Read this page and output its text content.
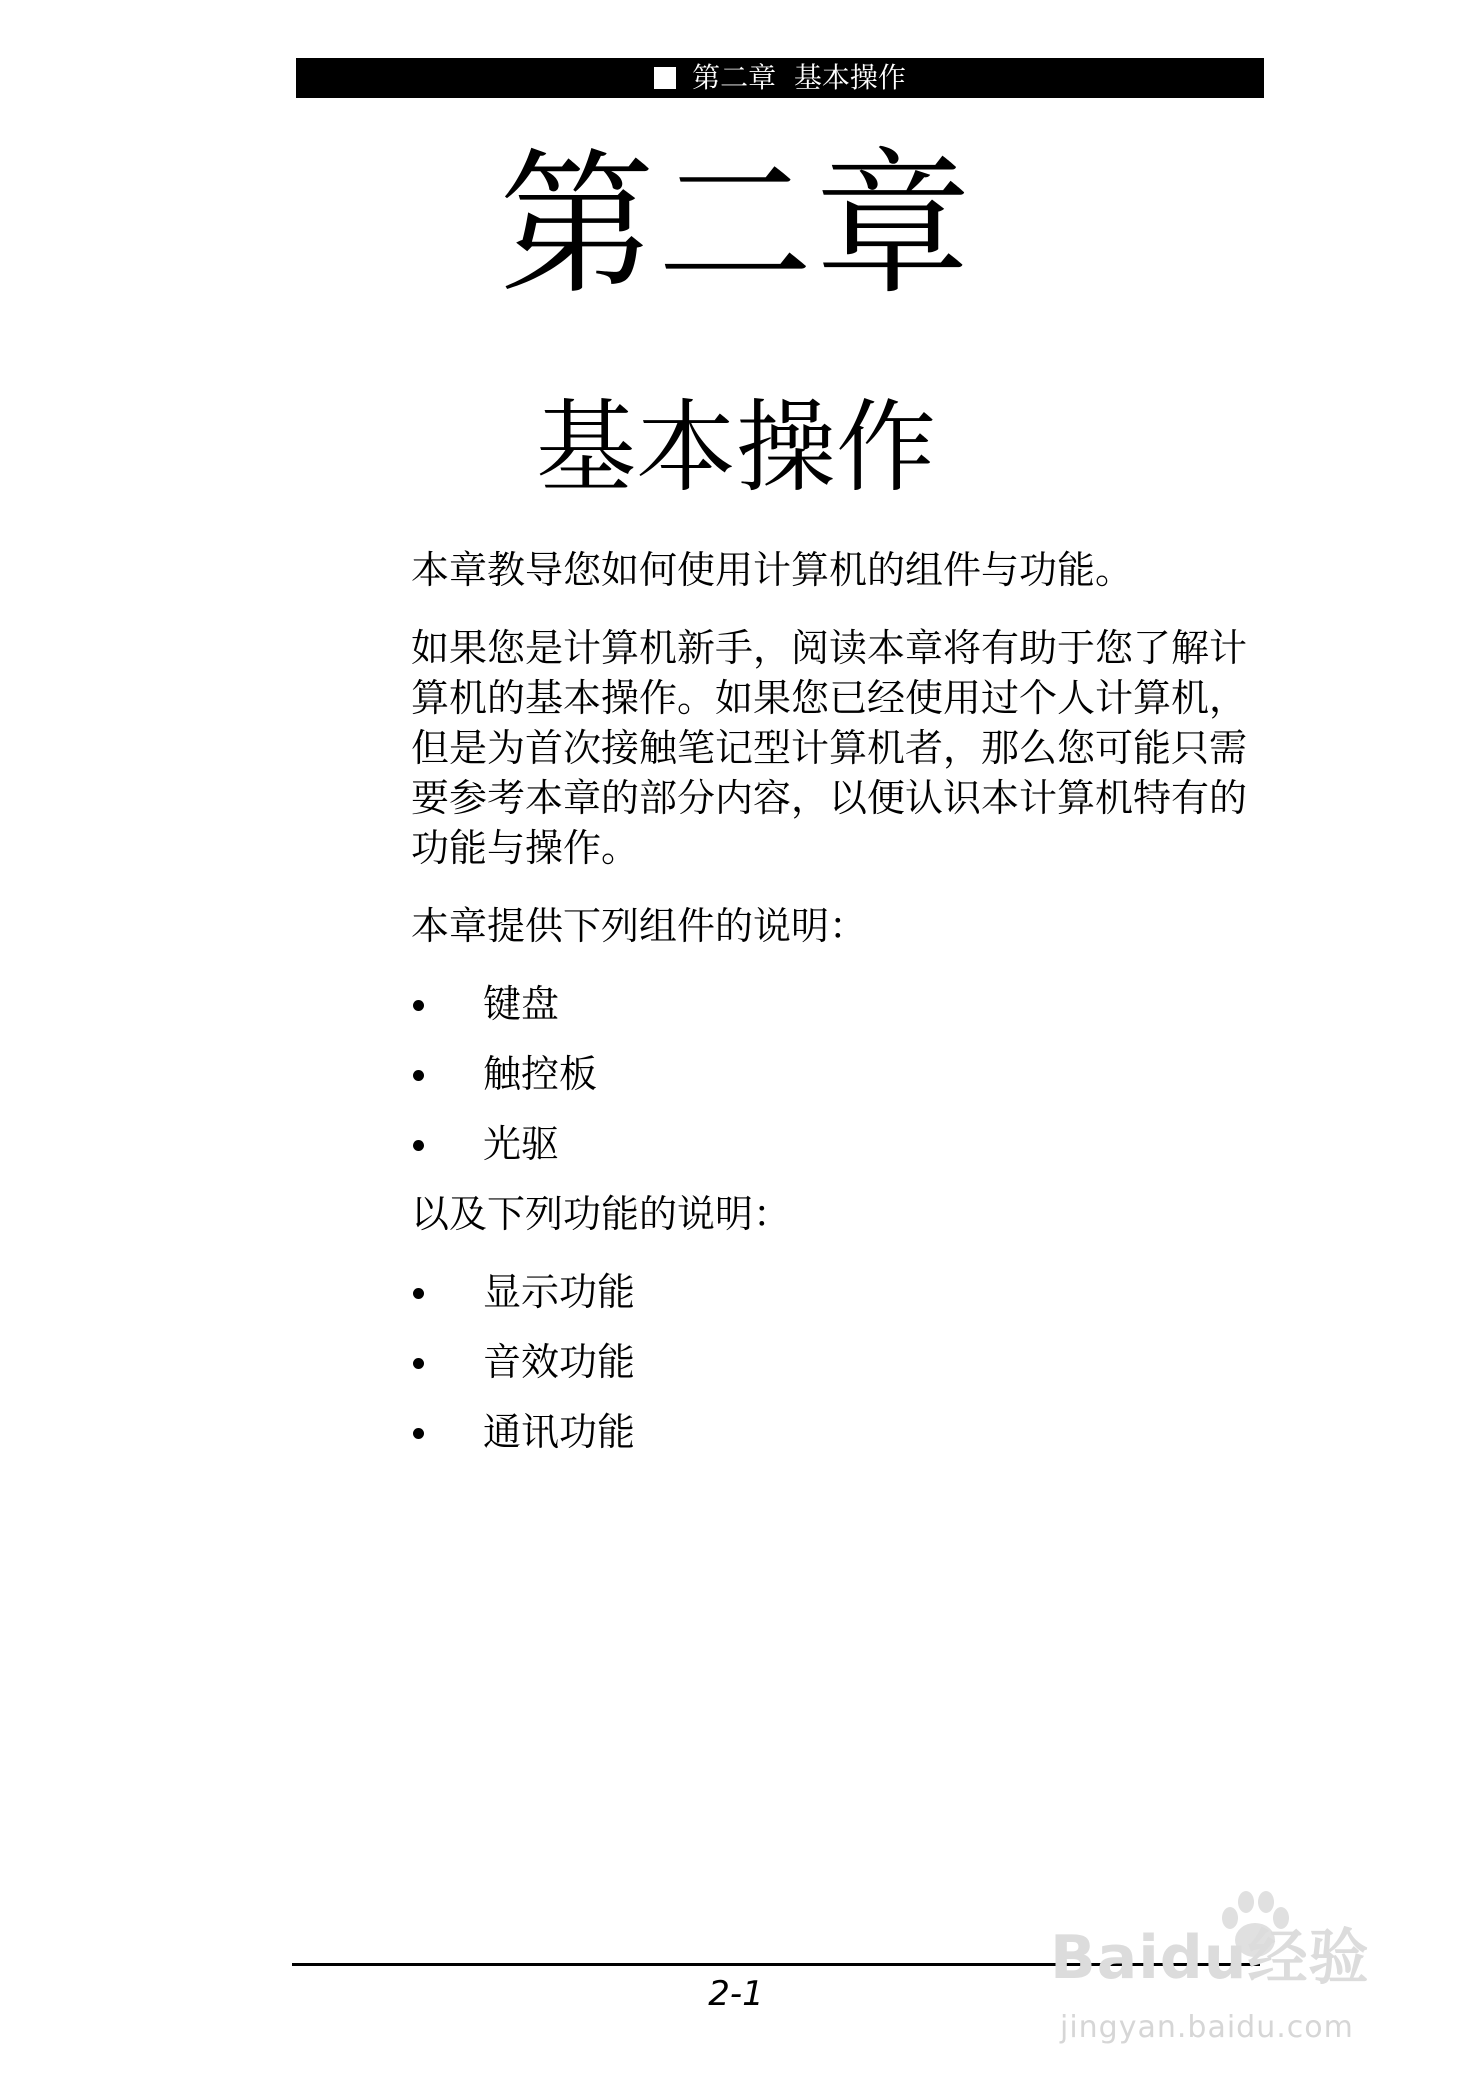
第二章  基本操作
第二章
基本操作

本章教导您如何使用计算机的组件与功能。

如果您是计算机新手，阅读本章将有助于您了解计算机的基本操作。如果您已经使用过个人计算机，但是为首次接触笔记型计算机者，那么您可能只需要参考本章的部分内容，以便认识本计算机特有的功能与操作。

本章提供下列组件的说明：

键盘
触控板
光驱

以及下列功能的说明：

显示功能
音效功能
通讯功能
2-1
Baidu经验
jingyan.baidu.com
